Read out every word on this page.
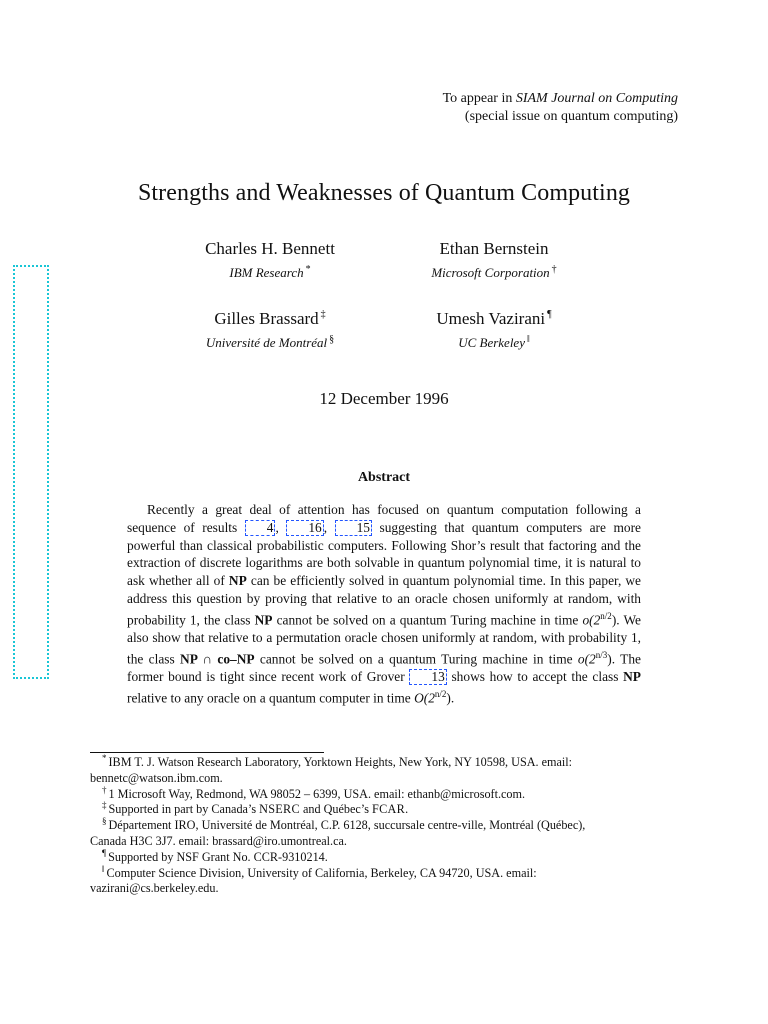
To appear in SIAM Journal on Computing
(special issue on quantum computing)
Strengths and Weaknesses of Quantum Computing
Charles H. Bennett
IBM Research *
Ethan Bernstein
Microsoft Corporation †
Gilles Brassard ‡
Université de Montréal §
Umesh Vazirani ¶
UC Berkeley ‖
12 December 1996
Abstract

Recently a great deal of attention has focused on quantum computation following a sequence of results 4 , 16 , 15 suggesting that quantum computers are more powerful than classical probabilistic computers. Following Shor’s result that factoring and the extraction of discrete logarithms are both solvable in quantum polynomial time, it is natural to ask whether all of NP can be efficiently solved in quantum polynomial time. In this paper, we address this question by proving that relative to an oracle chosen uniformly at random, with probability 1, the class NP cannot be solved on a quantum Turing machine in time $o(2^{n/2})$. We also show that relative to a permutation oracle chosen uniformly at random, with probability 1, the class NP ∩ co–NP cannot be solved on a quantum Turing machine in time $o(2^{n/3})$. The former bound is tight since recent work of Grover 13 shows how to accept the class NP relative to any oracle on a quantum computer in time $O(2^{n/2})$.

* IBM T. J. Watson Research Laboratory, Yorktown Heights, New York, NY 10598, USA. email: bennetc@watson.ibm.com.

† 1 Microsoft Way, Redmond, WA 98052 – 6399, USA. email: ethanb@microsoft.com.

‡ Supported in part by Canada’s NSERC and Québec’s FCAR.

§ Département IRO, Université de Montréal, C.P. 6128, succursale centre-ville, Montréal (Québec), Canada H3C 3J7. email: brassard@iro.umontreal.ca.

¶ Supported by NSF Grant No. CCR-9310214.

‖ Computer Science Division, University of California, Berkeley, CA 94720, USA. email: vazirani@cs.berkeley.edu.
